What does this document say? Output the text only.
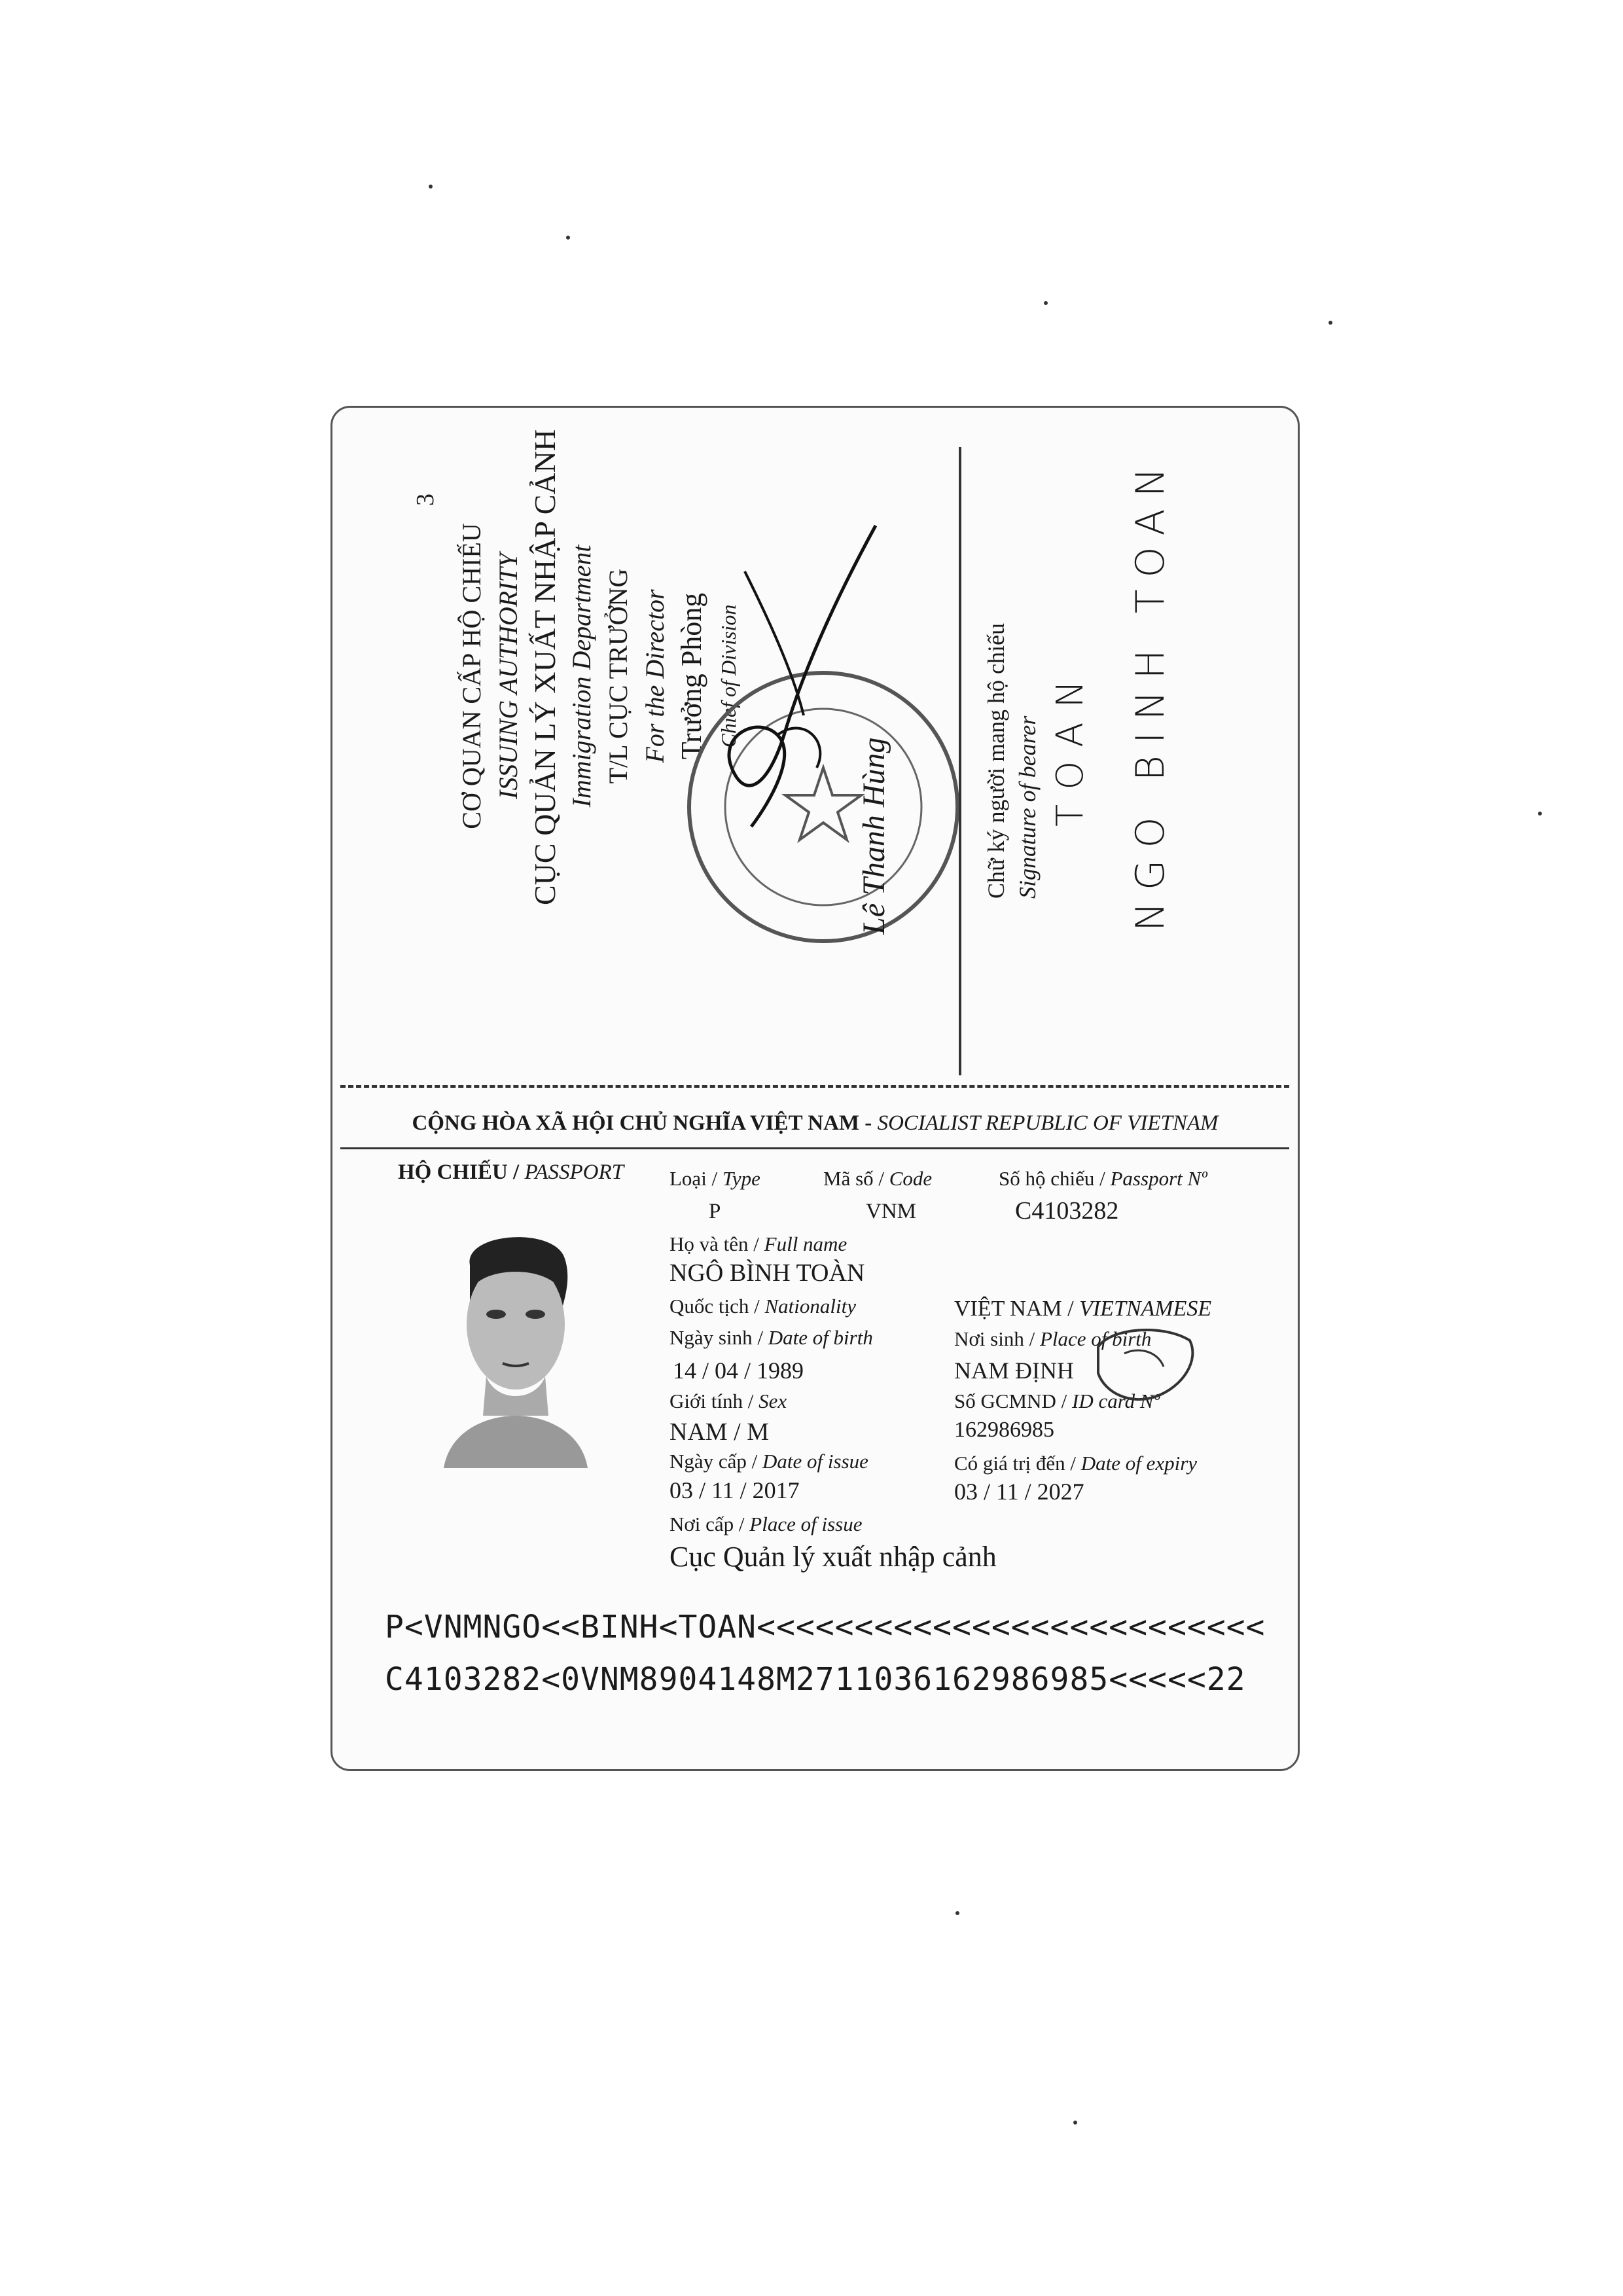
3
CƠ QUAN CẤP HỘ CHIẾU ISSUING AUTHORITY CỤC QUẢN LÝ XUẤT NHẬP CẢNH Immigration Department T/L CỤC TRƯỞNG For the Director Trưởng Phòng Chief of Division
Lê Thanh Hùng	Chữ ký người mang hộ chiếu Signature of bearer TOAN NGO BINH TOAN
CỘNG HÒA XÃ HỘI CHỦ NGHĨA VIỆT NAM - SOCIALIST REPUBLIC OF VIETNAM
HỘ CHIẾU / PASSPORT Loại / Type
P
Mã số / Code
VNM
Số hộ chiếu / Passport Nº
C4103282
Họ và tên / Full name
NGÔ BÌNH TOÀN
Quốc tịch / Nationality	VIỆT NAM / VIETNAMESE
Ngày sinh / Date of birth
14 / 04 / 1989
Nơi sinh / Place of birth
NAM ĐỊNH
Giới tính / Sex
NAM / M
Số GCMND / ID card Nº
162986985
Ngày cấp / Date of issue
03 / 11 / 2017
Có giá trị đến / Date of expiry
03 / 11 / 2027
Nơi cấp / Place of issue
Cục Quản lý xuất nhập cảnh
P<VNMNGO<<BINH<TOAN<<<<<<<<<<<<<<<<<<<<<<<<<<
C4103282<0VNM8904148M2711036162986985<<<<<22
